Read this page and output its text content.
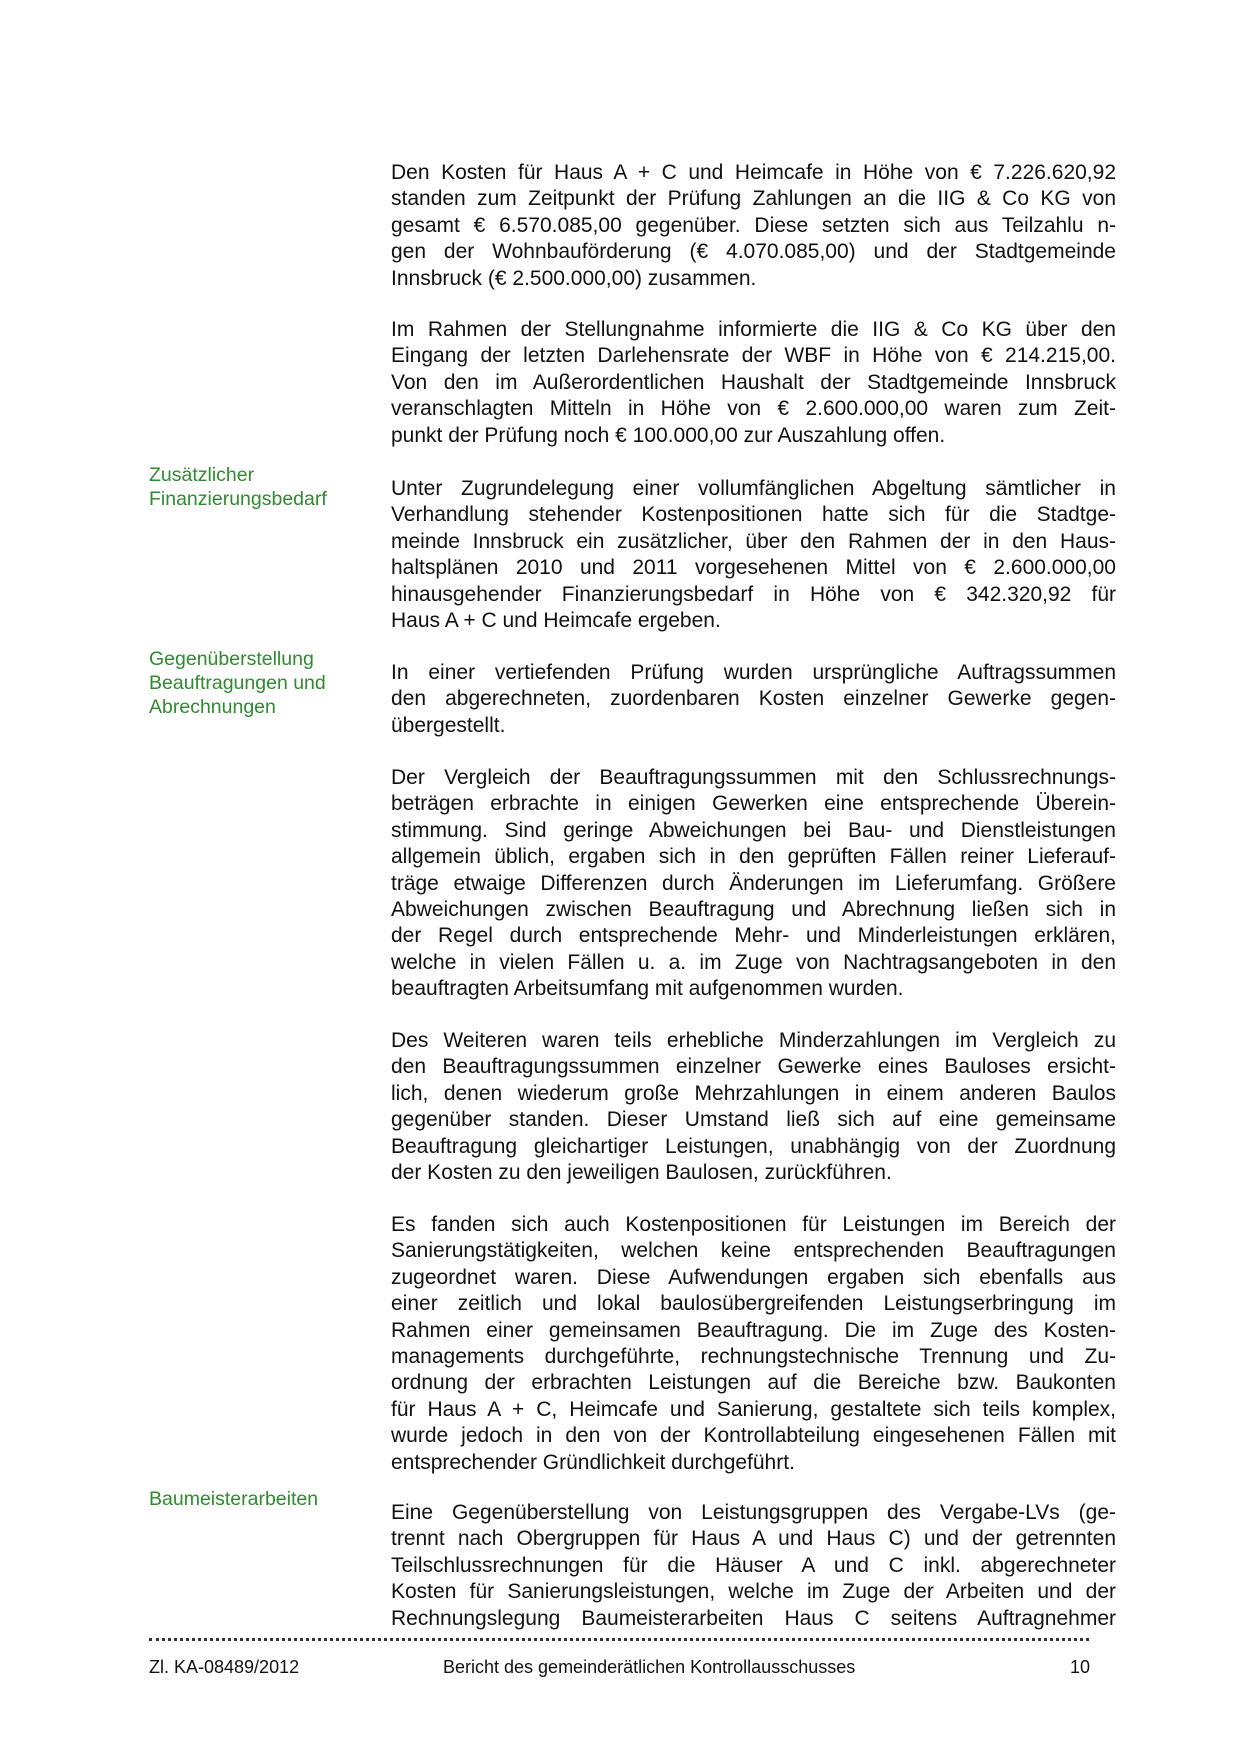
Zusätzlicher
Finanzierungsbedarf
Gegenüberstellung
Beauftragungen und
Abrechnungen
Baumeisterarbeiten
Den Kosten für Haus A + C und Heimcafe in Höhe von € 7.226.620,92
standen zum Zeitpunkt der Prüfung Zahlungen an die IIG & Co KG von
gesamt € 6.570.085,00 gegenüber. Diese setzten sich aus Teilzahlu n-
gen der Wohnbauförderung (€ 4.070.085,00) und der Stadtgemeinde
Innsbruck (€ 2.500.000,00) zusammen.
Im Rahmen der Stellungnahme informierte die IIG & Co KG über den
Eingang der letzten Darlehensrate der WBF in Höhe von € 214.215,00.
Von den im Außerordentlichen Haushalt der Stadtgemeinde Innsbruck
veranschlagten Mitteln in Höhe von € 2.600.000,00 waren zum Zeit-
punkt der Prüfung noch € 100.000,00 zur Auszahlung offen.
Unter Zugrundelegung einer vollumfänglichen Abgeltung sämtlicher in
Verhandlung stehender Kostenpositionen hatte sich für die Stadtge-
meinde Innsbruck ein zusätzlicher, über den Rahmen der in den Haus-
haltsplänen 2010 und 2011 vorgesehenen Mittel von € 2.600.000,00
hinausgehender Finanzierungsbedarf in Höhe von € 342.320,92 für
Haus A + C und Heimcafe ergeben.
In einer vertiefenden Prüfung wurden ursprüngliche Auftragssummen
den abgerechneten, zuordenbaren Kosten einzelner Gewerke gegen-
übergestellt.
Der Vergleich der Beauftragungssummen mit den Schlussrechnungs-
beträgen erbrachte in einigen Gewerken eine entsprechende Überein-
stimmung. Sind geringe Abweichungen bei Bau- und Dienstleistungen
allgemein üblich, ergaben sich in den geprüften Fällen reiner Lieferauf-
träge etwaige Differenzen durch Änderungen im Lieferumfang. Größere
Abweichungen zwischen Beauftragung und Abrechnung ließen sich in
der Regel durch entsprechende Mehr- und Minderleistungen erklären,
welche in vielen Fällen u. a. im Zuge von Nachtragsangeboten in den
beauftragten Arbeitsumfang mit aufgenommen wurden.
Des Weiteren waren teils erhebliche Minderzahlungen im Vergleich zu
den Beauftragungssummen einzelner Gewerke eines Bauloses ersicht-
lich, denen wiederum große Mehrzahlungen in einem anderen Baulos
gegenüber standen. Dieser Umstand ließ sich auf eine gemeinsame
Beauftragung gleichartiger Leistungen, unabhängig von der Zuordnung
der Kosten zu den jeweiligen Baulosen, zurückführen.
Es fanden sich auch Kostenpositionen für Leistungen im Bereich der
Sanierungstätigkeiten, welchen keine entsprechenden Beauftragungen
zugeordnet waren. Diese Aufwendungen ergaben sich ebenfalls aus
einer zeitlich und lokal baulosübergreifenden Leistungserbringung im
Rahmen einer gemeinsamen Beauftragung. Die im Zuge des Kosten-
managements durchgeführte, rechnungstechnische Trennung und Zu-
ordnung der erbrachten Leistungen auf die Bereiche bzw. Baukonten
für Haus A + C, Heimcafe und Sanierung, gestaltete sich teils komplex,
wurde jedoch in den von der Kontrollabteilung eingesehenen Fällen mit
entsprechender Gründlichkeit durchgeführt.
Eine Gegenüberstellung von Leistungsgruppen des Vergabe-LVs (ge-
trennt nach Obergruppen für Haus A und Haus C) und der getrennten
Teilschlussrechnungen für die Häuser A und C inkl. abgerechneter
Kosten für Sanierungsleistungen, welche im Zuge der Arbeiten und der
Rechnungslegung Baumeisterarbeiten Haus C seitens Auftragnehmer
Zl. KA-08489/2012	Bericht des gemeinderätlichen Kontrollausschusses	10
